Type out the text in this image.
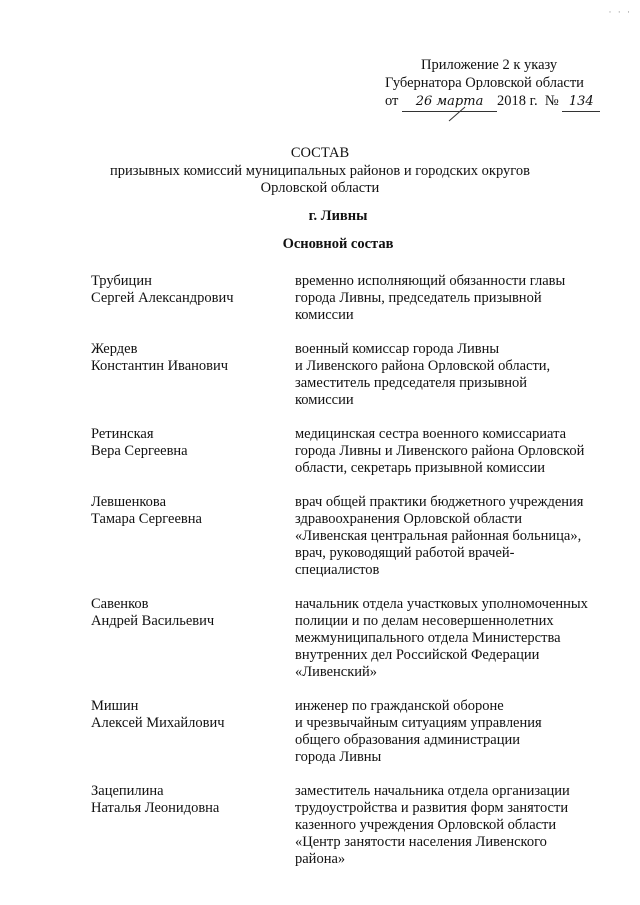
· · ·
Приложение 2 к указу
Губернатора Орловской области
от 26 марта 2018 г. № 134
СОСТАВ
призывных комиссий муниципальных районов и городских округов
Орловской области
г. Ливны
Основной состав
Трубицин
Сергей Александрович
временно исполняющий обязанности главы
города Ливны, председатель призывной
комиссии
Жердев
Константин Иванович
военный комиссар города Ливны
и Ливенского района Орловской области,
заместитель председателя призывной
комиссии
Ретинская
Вера Сергеевна
медицинская сестра военного комиссариата
города Ливны и Ливенского района Орловской
области, секретарь призывной комиссии
Левшенкова
Тамара Сергеевна
врач общей практики бюджетного учреждения
здравоохранения Орловской области
«Ливенская центральная районная больница»,
врач, руководящий работой врачей-
специалистов
Савенков
Андрей Васильевич
начальник отдела участковых уполномоченных
полиции и по делам несовершеннолетних
межмуниципального отдела Министерства
внутренних дел Российской Федерации
«Ливенский»
Мишин
Алексей Михайлович
инженер по гражданской обороне
и чрезвычайным ситуациям управления
общего образования администрации
города Ливны
Зацепилина
Наталья Леонидовна
заместитель начальника отдела организации
трудоустройства и развития форм занятости
казенного учреждения Орловской области
«Центр занятости населения Ливенского
района»
